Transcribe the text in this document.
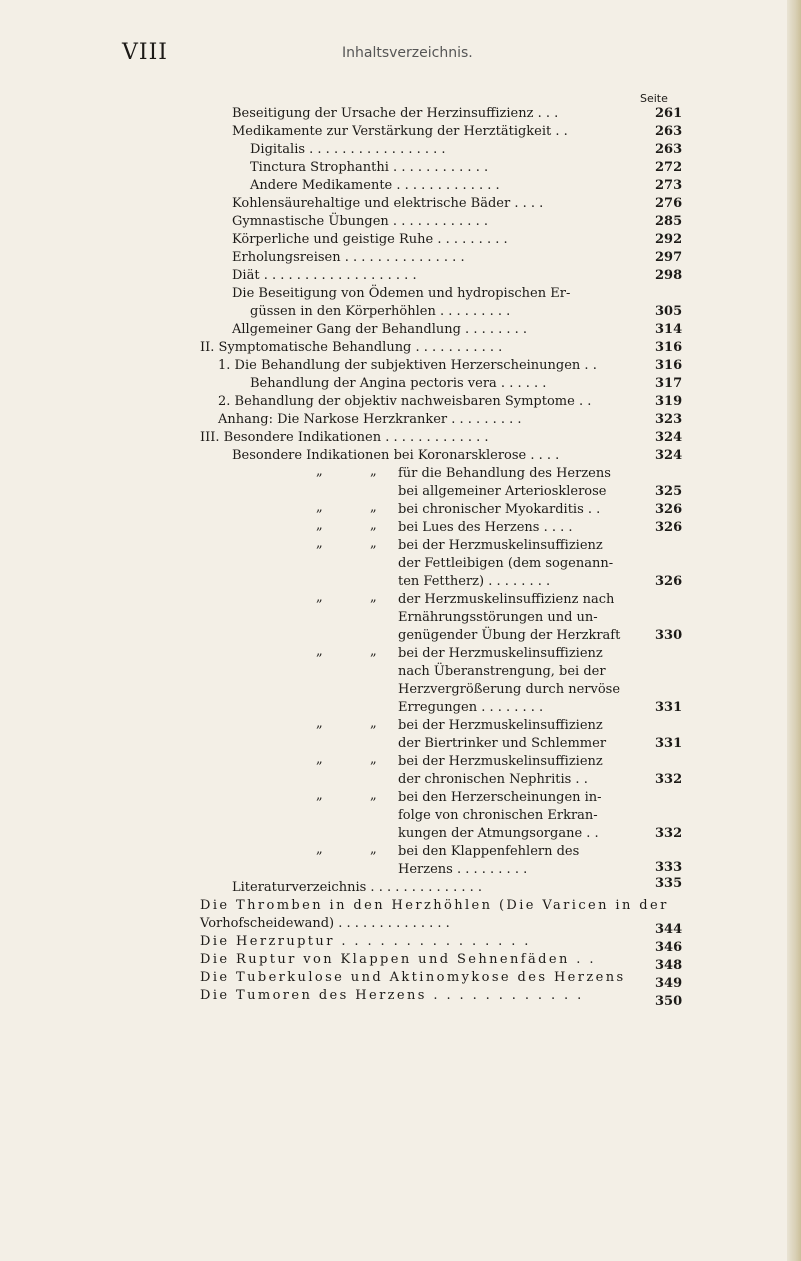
VIII	Inhaltsverzeichnis.
Seite
Beseitigung der Ursache der Herzinsuffizienz . . .	261
Medikamente zur Verstärkung der Herztätigkeit . .	263
Digitalis . . . . . . . . . . . . . . . . .	263
Tinctura Strophanthi . . . . . . . . . . . .	272
Andere Medikamente . . . . . . . . . . . . .	273
Kohlensäurehaltige und elektrische Bäder . . . .	276
Gymnastische Übungen . . . . . . . . . . . .	285
Körperliche und geistige Ruhe . . . . . . . . .	292
Erholungsreisen . . . . . . . . . . . . . . .	297
Diät . . . . . . . . . . . . . . . . . . .	298
Die Beseitigung von Ödemen und hydropischen Er-
güssen in den Körperhöhlen . . . . . . . . .	305
Allgemeiner Gang der Behandlung . . . . . . . .	314
II. Symptomatische Behandlung . . . . . . . . . . .	316
1. Die Behandlung der subjektiven Herzerscheinungen . .	316
Behandlung der Angina pectoris vera . . . . . .	317
2. Behandlung der objektiv nachweisbaren Symptome . .	319
Anhang: Die Narkose Herzkranker . . . . . . . . .	323
III. Besondere Indikationen . . . . . . . . . . . . .	324
Besondere Indikationen bei Koronarsklerose . . . .	324
„	„ für die Behandlung des Herzens
bei allgemeiner Arteriosklerose	325
„	„ bei chronischer Myokarditis . .	326
„	„ bei Lues des Herzens . . . .	326
„	„ bei der Herzmuskelinsuffizienz
der Fettleibigen (dem sogenann-
ten Fettherz) . . . . . . . .	326
„	„ der Herzmuskelinsuffizienz nach
Ernährungsstörungen und un-
genügender Übung der Herzkraft	330
„	„ bei der Herzmuskelinsuffizienz
nach Überanstrengung, bei der
Herzvergrößerung durch nervöse
Erregungen . . . . . . . .	331
„	„ bei der Herzmuskelinsuffizienz
der Biertrinker und Schlemmer	331
„	„ bei der Herzmuskelinsuffizienz
der chronischen Nephritis . .	332
„	„ bei den Herzerscheinungen in-
folge von chronischen Erkran-
kungen der Atmungsorgane . .	332
„	„ bei den Klappenfehlern des
Herzens . . . . . . . . .	333
Literaturverzeichnis . . . . . . . . . . . . . .	335
Die Thromben in den Herzhöhlen (Die Varicen in der
Vorhofscheidewand) . . . . . . . . . . . . . .	344
Die Herzruptur . . . . . . . . . . . . . . .	346
Die Ruptur von Klappen und Sehnenfäden . .	348
Die Tuberkulose und Aktinomykose des Herzens 349
Die Tumoren des Herzens . . . . . . . . . . . .	350
